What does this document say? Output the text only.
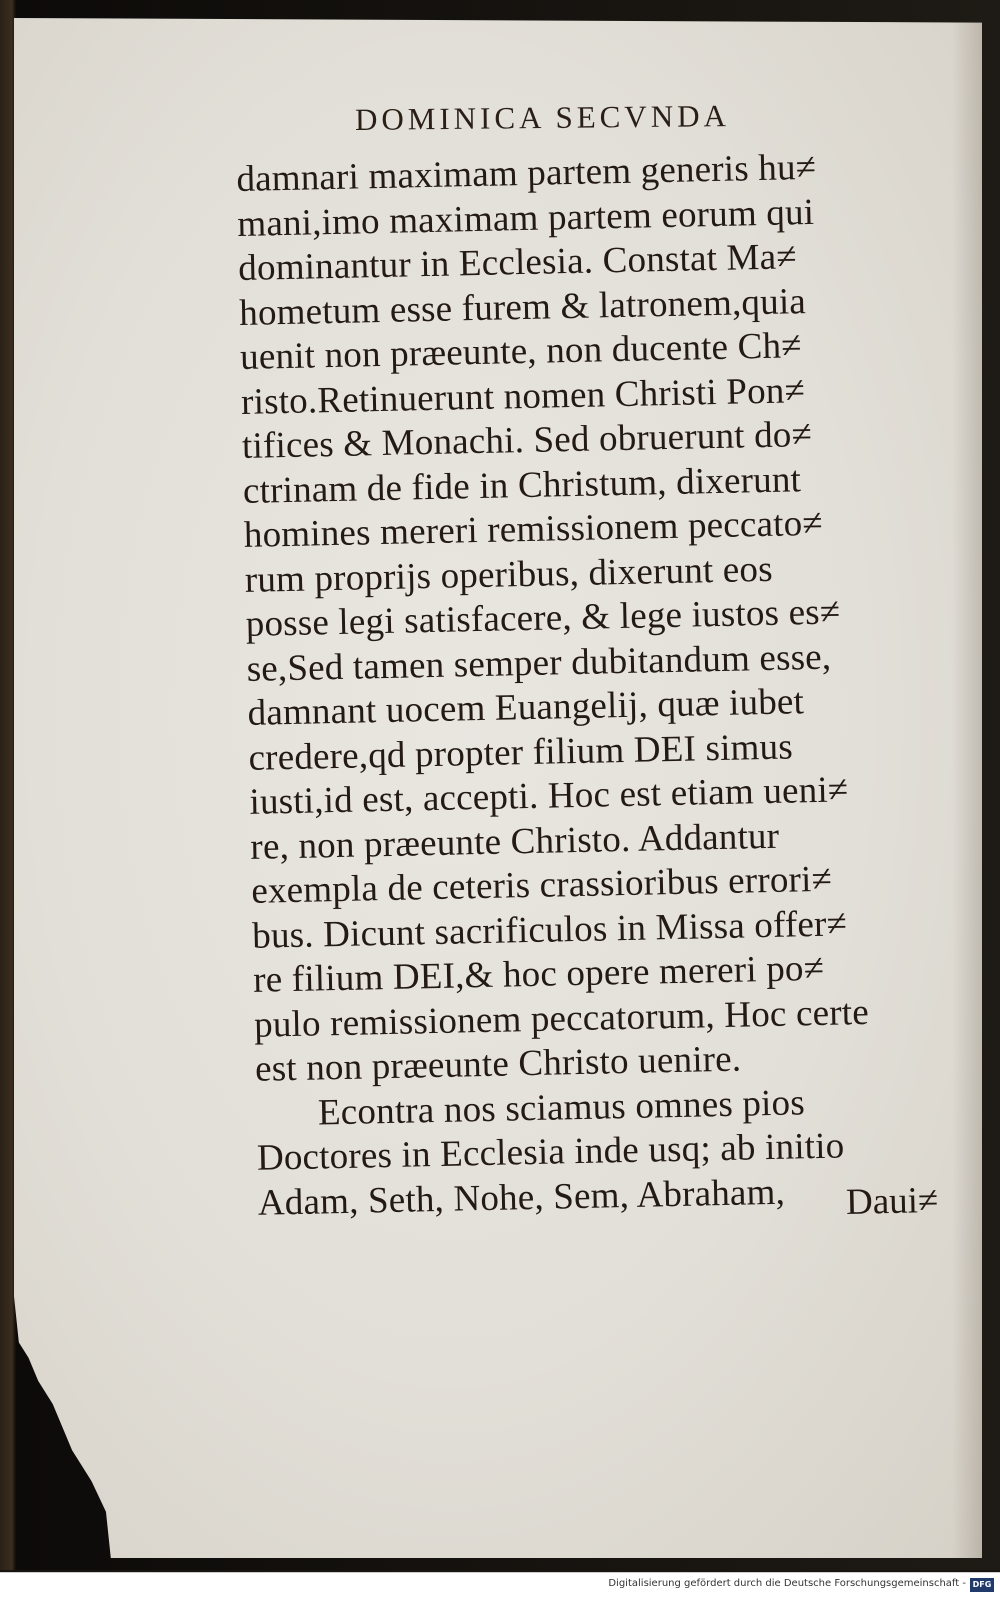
DOMINICA SECVNDA
damnari maximam partem generis hu≠
mani,imo maximam partem eorum qui
dominantur in Ecclesia. Constat Ma≠
hometum esse furem & latronem,quia
uenit non præeunte, non ducente Ch≠
risto.Retinuerunt nomen Christi Pon≠
tifices & Monachi. Sed obruerunt do≠
ctrinam de fide in Christum, dixerunt
homines mereri remissionem peccato≠
rum proprijs operibus, dixerunt eos
posse legi satisfacere, & lege iustos es≠
se,Sed tamen semper dubitandum esse,
damnant uocem Euangelij, quæ iubet
credere,qd propter filium DEI simus
iusti,id est, accepti. Hoc est etiam ueni≠
re, non præeunte Christo. Addantur
exempla de ceteris crassioribus errori≠
bus. Dicunt sacrificulos in Missa offer≠
re filium DEI,& hoc opere mereri po≠
pulo remissionem peccatorum, Hoc certe
est non præeunte Christo uenire.
Econtra nos sciamus omnes pios
Doctores in Ecclesia inde usq; ab initio
Adam, Seth, Nohe, Sem, Abraham,	Daui≠
Digitalisierung gefördert durch die Deutsche Forschungsgemeinschaft - DFG
